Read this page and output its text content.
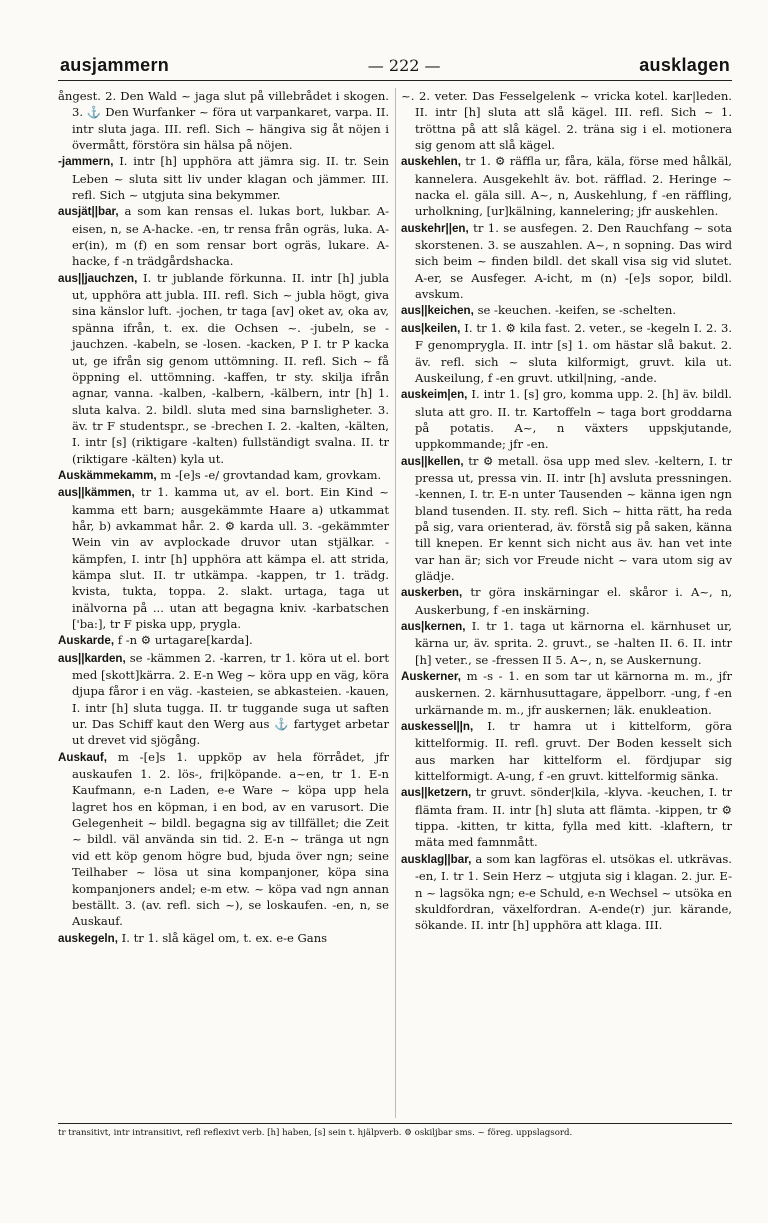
ausjammern	— 222 —	ausklagen

ångest. 2. Den Wald ~ jaga slut på villebrådet i skogen. 3. ⚓ Den Wurfanker ~ föra ut varpankaret, varpa. II. intr sluta jaga. III. refl. Sich ~ hängiva sig åt nöjen i övermått, förstöra sin hälsa på nöjen.

-jammern, I. intr [h] upphöra att jämra sig. II. tr. Sein Leben ~ sluta sitt liv under klagan och jämmer. III. refl. Sich ~ utgjuta sina bekymmer.

ausjät||bar, a som kan rensas el. lukas bort, lukbar. A-eisen, n, se A-hacke. -en, tr rensa från ogräs, luka. A-er(in), m (f) en som rensar bort ogräs, lukare. A-hacke, f -n trädgårdshacka.

aus||jauchzen, I. tr jublande förkunna. II. intr [h] jubla ut, upphöra att jubla. III. refl. Sich ~ jubla högt, giva sina känslor luft. -jochen, tr taga [av] oket av, oka av, spänna ifrån, t. ex. die Ochsen ~. -jubeln, se -jauchzen. -kabeln, se -losen. -kacken, P I. tr P kacka ut, ge ifrån sig genom uttömning. II. refl. Sich ~ få öppning el. uttömning. -kaffen, tr sty. skilja ifrån agnar, vanna. -kalben, -kalbern, -kälbern, intr [h] 1. sluta kalva. 2. bildl. sluta med sina barnsligheter. 3. äv. tr F studentspr., se -brechen I. 2. -kalten, -kälten, I. intr [s] (riktigare -kalten) fullständigt svalna. II. tr (riktigare -kälten) kyla ut.

Auskämmekamm, m -[e]s -e/ grovtandad kam, grovkam.

aus||kämmen, tr 1. kamma ut, av el. bort. Ein Kind ~ kamma ett barn; ausgekämmte Haare a) utkammat hår, b) avkammat hår. 2. ⚙ karda ull. 3. -gekämmter Wein vin av avplockade druvor utan stjälkar. -kämpfen, I. intr [h] upphöra att kämpa el. att strida, kämpa slut. II. tr utkämpa. -kappen, tr 1. trädg. kvista, tukta, toppa. 2. slakt. urtaga, taga ut inälvorna på ... utan att begagna kniv. -karbatschen ['ba:], tr F piska upp, prygla.

Auskarde, f -n ⚙ urtagare[karda].

aus||karden, se -kämmen 2. -karren, tr 1. köra ut el. bort med [skott]kärra. 2. E-n Weg ~ köra upp en väg, köra djupa fåror i en väg. -kasteien, se abkasteien. -kauen, I. intr [h] sluta tugga. II. tr tuggande suga ut saften ur. Das Schiff kaut den Werg aus ⚓ fartyget arbetar ut drevet vid sjögång.

Auskauf, m -[e]s 1. uppköp av hela förrådet, jfr auskaufen 1. 2. lös-, fri|köpande. a~en, tr 1. E-n Kaufmann, e-n Laden, e-e Ware ~ köpa upp hela lagret hos en köpman, i en bod, av en varusort. Die Gelegenheit ~ bildl. begagna sig av tillfället; die Zeit ~ bildl. väl använda sin tid. 2. E-n ~ tränga ut ngn vid ett köp genom högre bud, bjuda över ngn; seine Teilhaber ~ lösa ut sina kompanjoner, köpa sina kompanjoners andel; e-m etw. ~ köpa vad ngn annan beställt. 3. (av. refl. sich ~), se loskaufen. -en, n, se Auskauf.

auskegeln, I. tr 1. slå kägel om, t. ex. e-e Gans

~. 2. veter. Das Fesselgelenk ~ vricka kotel. kar|leden. II. intr [h] sluta att slå kägel. III. refl. Sich ~ 1. tröttna på att slå kägel. 2. träna sig i el. motionera sig genom att slå kägel.

auskehlen, tr 1. ⚙ räffla ur, fåra, käla, förse med hålkäl, kannelera. Ausgekehlt äv. bot. räfflad. 2. Heringe ~ nacka el. gäla sill. A~, n, Auskehlung, f -en räffling, urholkning, [ur]kälning, kannelering; jfr auskehlen.

auskehr||en, tr 1. se ausfegen. 2. Den Rauchfang ~ sota skorstenen. 3. se auszahlen. A~, n sopning. Das wird sich beim ~ finden bildl. det skall visa sig vid slutet. A-er, se Ausfeger. A-icht, m (n) -[e]s sopor, bildl. avskum.

aus||keichen, se -keuchen. -keifen, se -schelten.

aus|keilen, I. tr 1. ⚙ kila fast. 2. veter., se -kegeln I. 2. 3. F genomprygla. II. intr [s] 1. om hästar slå bakut. 2. äv. refl. sich ~ sluta kilformigt, gruvt. kila ut. Auskeilung, f -en gruvt. utkil|ning, -ande.

auskeim|en, I. intr 1. [s] gro, komma upp. 2. [h] äv. bildl. sluta att gro. II. tr. Kartoffeln ~ taga bort groddarna på potatis. A~, n växters uppskjutande, uppkommande; jfr -en.

aus||kellen, tr ⚙ metall. ösa upp med slev. -keltern, I. tr pressa ut, pressa vin. II. intr [h] avsluta pressningen. -kennen, I. tr. E-n unter Tausenden ~ känna igen ngn bland tusenden. II. sty. refl. Sich ~ hitta rätt, ha reda på sig, vara orienterad, äv. förstå sig på saken, känna till knepen. Er kennt sich nicht aus äv. han vet inte var han är; sich vor Freude nicht ~ vara utom sig av glädje.

auskerben, tr göra inskärningar el. skåror i. A~, n, Auskerbung, f -en inskärning.

aus|kernen, I. tr 1. taga ut kärnorna el. kärnhuset ur, kärna ur, äv. sprita. 2. gruvt., se -halten II. 6. II. intr [h] veter., se -fressen II 5. A~, n, se Auskernung.

Auskerner, m -s - 1. en som tar ut kärnorna m. m., jfr auskernen. 2. kärnhusuttagare, äppelborr. -ung, f -en urkärnande m. m., jfr auskernen; läk. enukleation.

auskessel||n, I. tr hamra ut i kittelform, göra kittelformig. II. refl. gruvt. Der Boden kesselt sich aus marken har kittelform el. fördjupar sig kittelformigt. A-ung, f -en gruvt. kittelformig sänka.

aus||ketzern, tr gruvt. sönder|kila, -klyva. -keuchen, I. tr flämta fram. II. intr [h] sluta att flämta. -kippen, tr ⚙ tippa. -kitten, tr kitta, fylla med kitt. -klaftern, tr mäta med famnmått.

ausklag||bar, a som kan lagföras el. utsökas el. utkrävas. -en, I. tr 1. Sein Herz ~ utgjuta sig i klagan. 2. jur. E-n ~ lagsöka ngn; e-e Schuld, e-n Wechsel ~ utsöka en skuldfordran, växelfordran. A-ende(r) jur. kärande, sökande. II. intr [h] upphöra att klaga. III.

tr transitivt, intr intransitivt, refl reflexivt verb. [h] haben, [s] sein t. hjälpverb. ⚙ oskiljbar sms. ~ föreg. uppslagsord.
